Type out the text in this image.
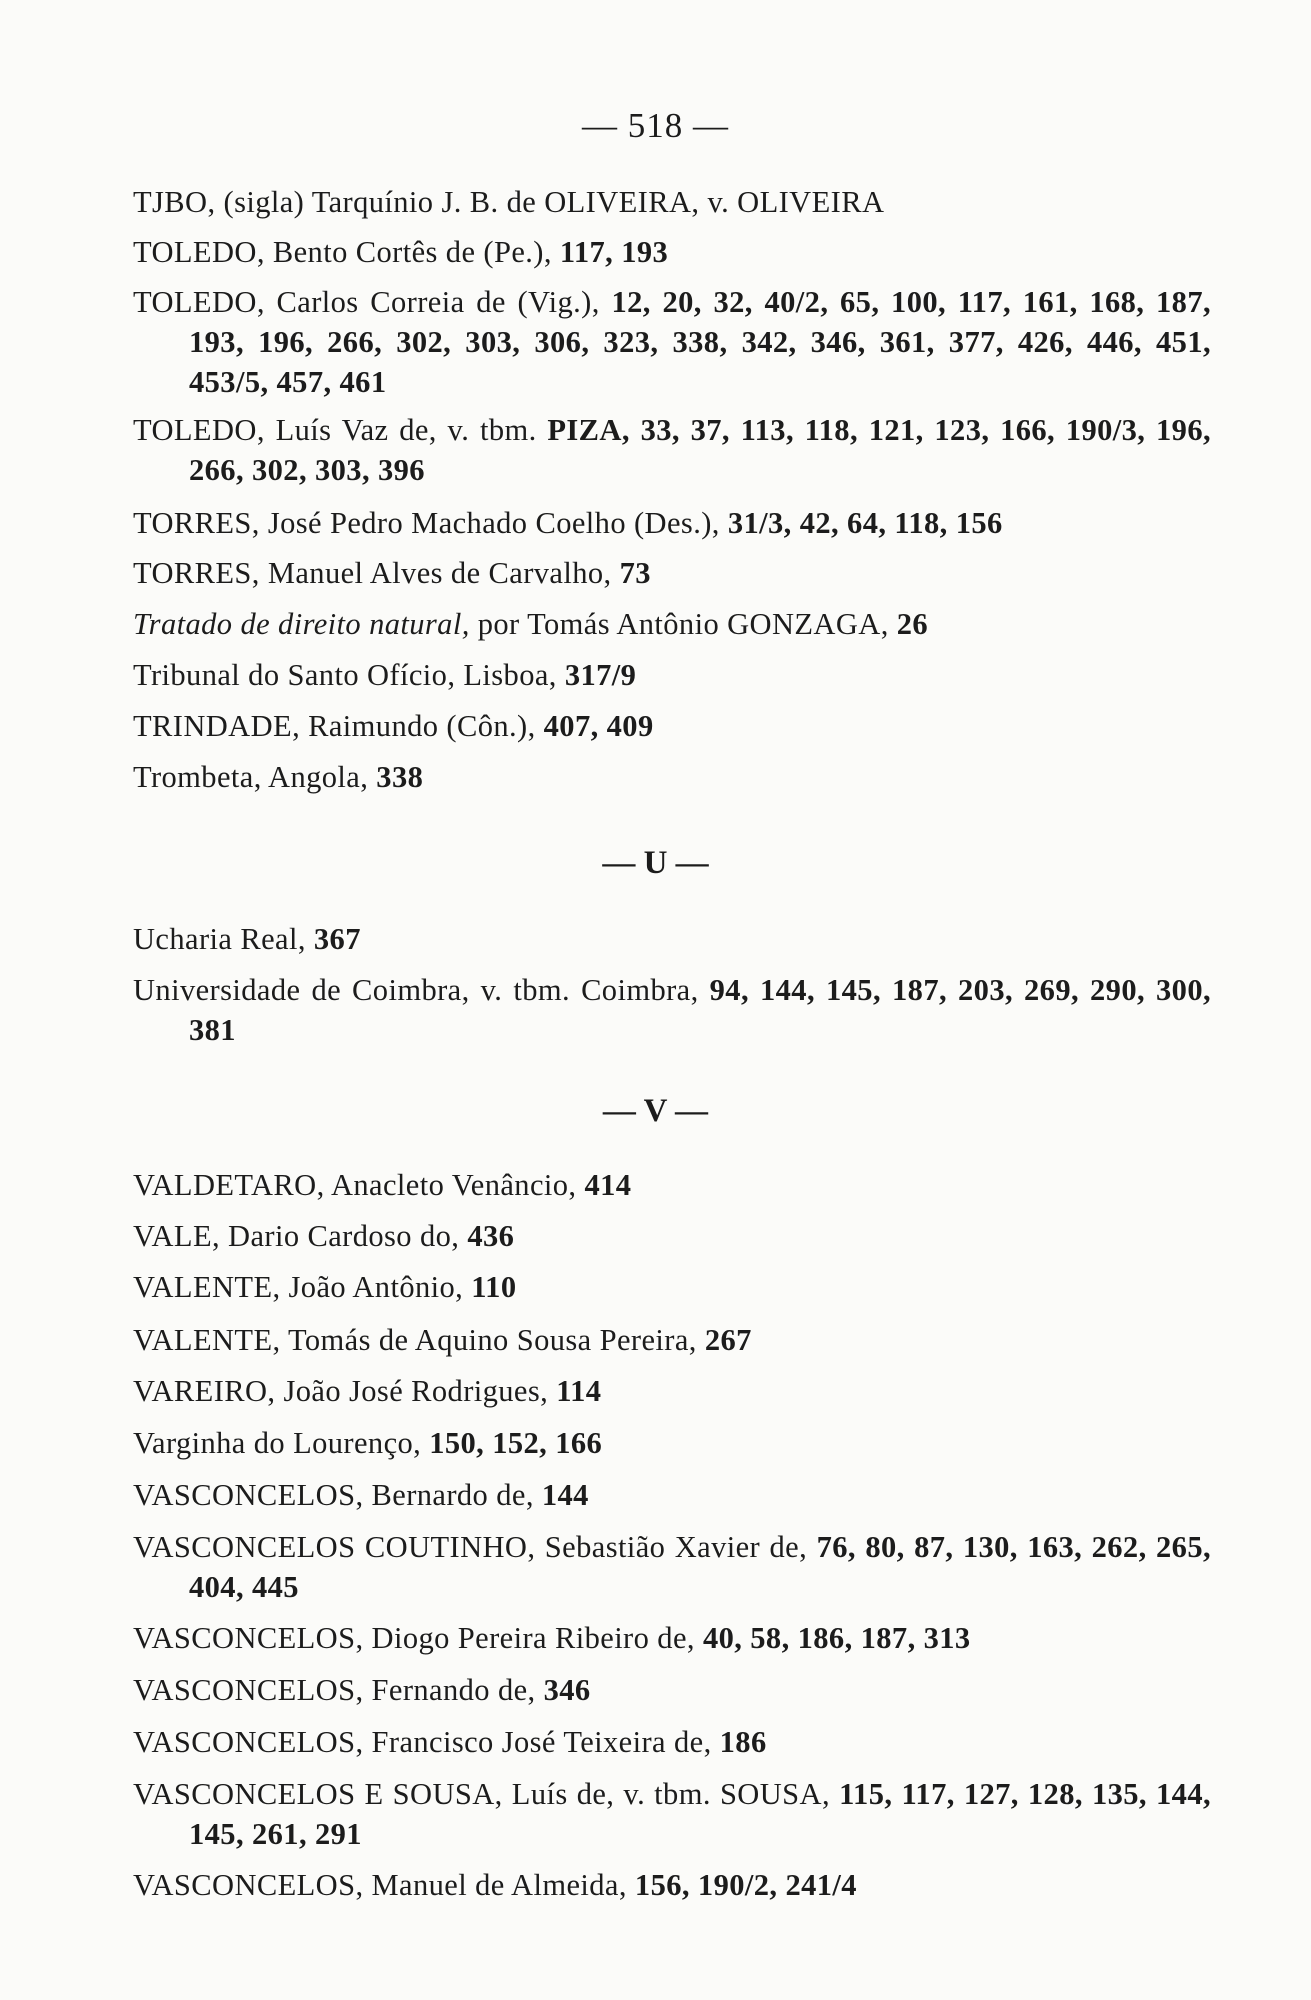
— 518 —
TJBO, (sigla) Tarquínio J. B. de OLIVEIRA, v. OLIVEIRA
TOLEDO, Bento Cortês de (Pe.), 117, 193
TOLEDO, Carlos Correia de (Vig.), 12, 20, 32, 40/2, 65, 100, 117, 161, 168, 187, 193, 196, 266, 302, 303, 306, 323, 338, 342, 346, 361, 377, 426, 446, 451, 453/5, 457, 461
TOLEDO, Luís Vaz de, v. tbm. PIZA, 33, 37, 113, 118, 121, 123, 166, 190/3, 196, 266, 302, 303, 396
TORRES, José Pedro Machado Coelho (Des.), 31/3, 42, 64, 118, 156
TORRES, Manuel Alves de Carvalho, 73
Tratado de direito natural, por Tomás Antônio GONZAGA, 26
Tribunal do Santo Ofício, Lisboa, 317/9
TRINDADE, Raimundo (Côn.), 407, 409
Trombeta, Angola, 338
— U —
Ucharia Real, 367
Universidade de Coimbra, v. tbm. Coimbra, 94, 144, 145, 187, 203, 269, 290, 300, 381
— V —
VALDETARO, Anacleto Venâncio, 414
VALE, Dario Cardoso do, 436
VALENTE, João Antônio, 110
VALENTE, Tomás de Aquino Sousa Pereira, 267
VAREIRO, João José Rodrigues, 114
Varginha do Lourenço, 150, 152, 166
VASCONCELOS, Bernardo de, 144
VASCONCELOS COUTINHO, Sebastião Xavier de, 76, 80, 87, 130, 163, 262, 265, 404, 445
VASCONCELOS, Diogo Pereira Ribeiro de, 40, 58, 186, 187, 313
VASCONCELOS, Fernando de, 346
VASCONCELOS, Francisco José Teixeira de, 186
VASCONCELOS E SOUSA, Luís de, v. tbm. SOUSA, 115, 117, 127, 128, 135, 144, 145, 261, 291
VASCONCELOS, Manuel de Almeida, 156, 190/2, 241/4
